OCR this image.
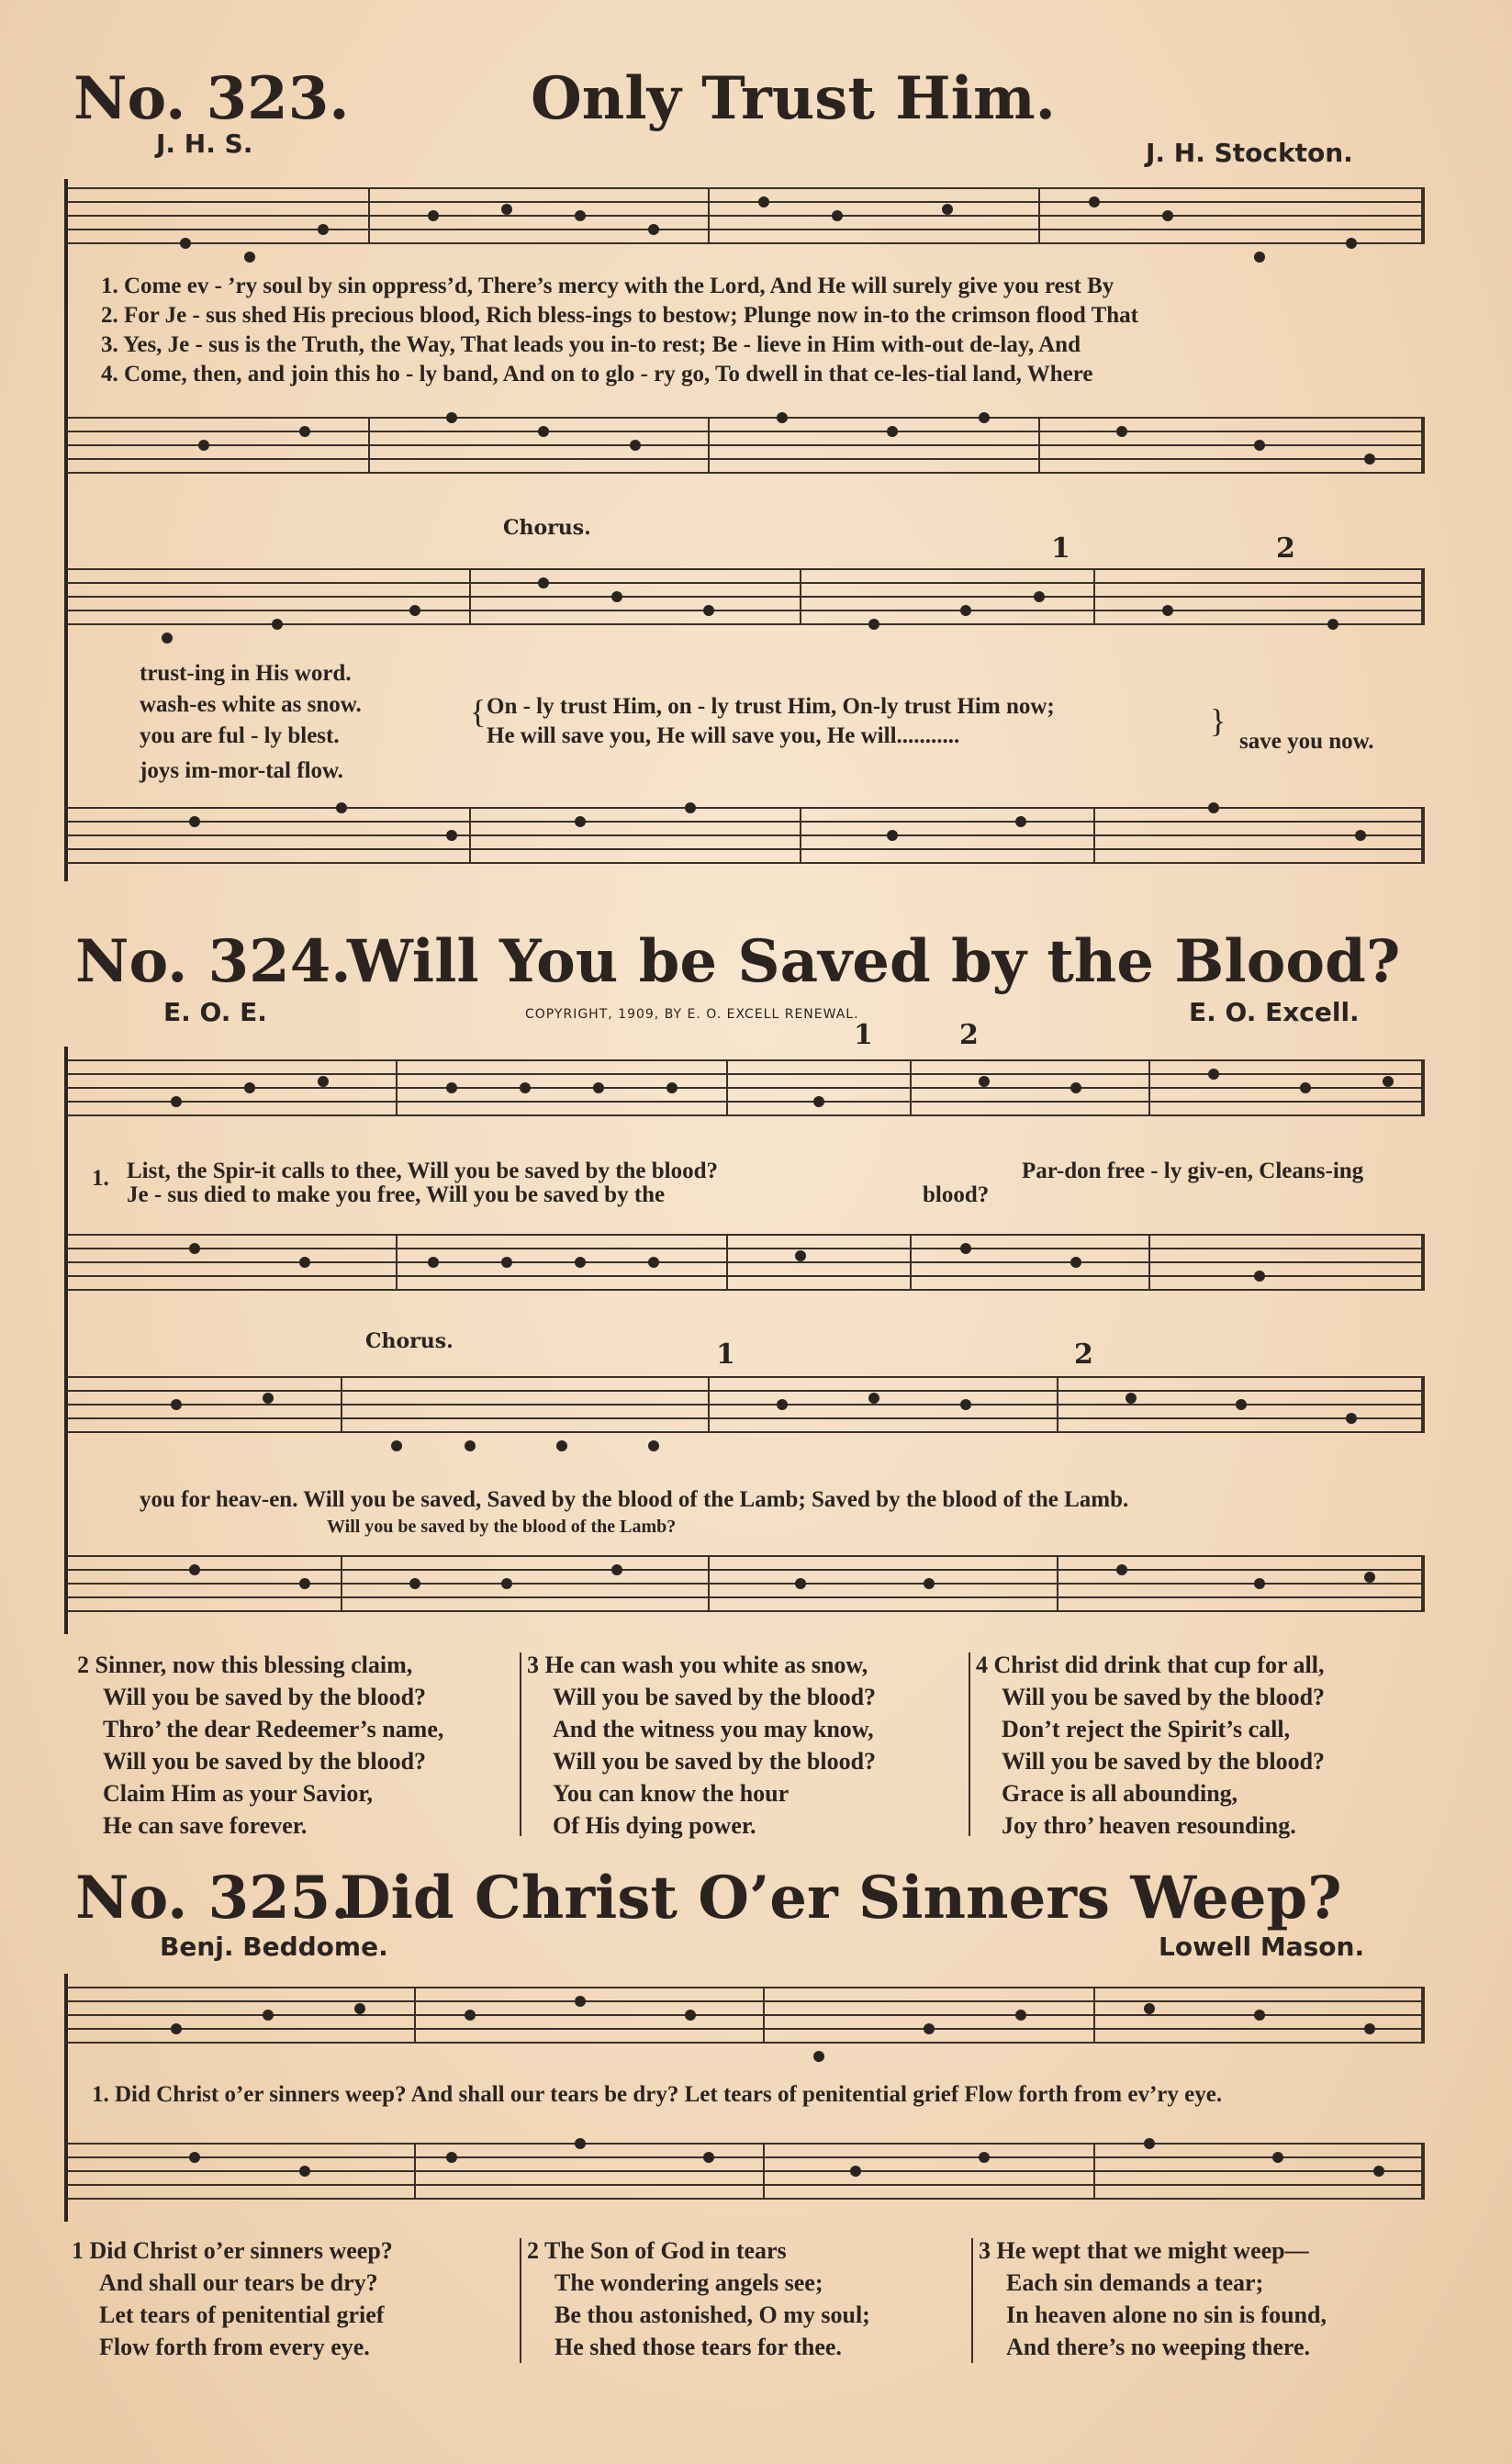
No. 323.	Only Trust Him.
J. H. S.	J. H. Stockton.
1. Come ev - ’ry soul by sin oppress’d, There’s mercy with the Lord, And He will surely give you rest By
2. For Je - sus shed His precious blood, Rich bless-ings to bestow; Plunge now in-to the crimson flood That
3. Yes, Je - sus is the Truth, the Way, That leads you in-to rest; Be - lieve in Him with-out de-lay, And
4. Come, then, and join this ho - ly band, And on to glo - ry go, To dwell in that ce-les-tial land, Where
Chorus.
1	2
trust-ing in His word.
wash-es white as snow.
you are ful - ly blest.
joys im-mor-tal flow.
{ On - ly trust Him, on - ly trust Him, On-ly trust Him now;
He will save you, He will save you, He will...........	}
save you now.
No. 324.
Will You be Saved by the Blood?
E. O. E.	COPYRIGHT, 1909, BY E. O. EXCELL RENEWAL.	E. O. Excell.
1	2
1. List, the Spir-it calls to thee, Will you be saved by the blood?
Je - sus died to make you free, Will you be saved by the	blood?
Par-don free - ly giv-en, Cleans-ing
Chorus.	1	2
you for heav-en. Will you be saved, Saved by the blood of the Lamb; Saved by the blood of the Lamb.
Will you be saved by the blood of the Lamb?
2 Sinner, now this blessing claim,
Will you be saved by the blood?
Thro’ the dear Redeemer’s name,
Will you be saved by the blood?
Claim Him as your Savior,
He can save forever.
3 He can wash you white as snow,
Will you be saved by the blood?
And the witness you may know,
Will you be saved by the blood?
You can know the hour
Of His dying power.
4 Christ did drink that cup for all,
Will you be saved by the blood?
Don’t reject the Spirit’s call,
Will you be saved by the blood?
Grace is all abounding,
Joy thro’ heaven resounding.
No. 325.
Did Christ O’er Sinners Weep?
Benj. Beddome.	Lowell Mason.
1. Did Christ o’er sinners weep? And shall our tears be dry? Let tears of penitential grief Flow forth from ev’ry eye.
1 Did Christ o’er sinners weep?
And shall our tears be dry?
Let tears of penitential grief
Flow forth from every eye.
2 The Son of God in tears
The wondering angels see;
Be thou astonished, O my soul;
He shed those tears for thee.
3 He wept that we might weep—
Each sin demands a tear;
In heaven alone no sin is found,
And there’s no weeping there.
